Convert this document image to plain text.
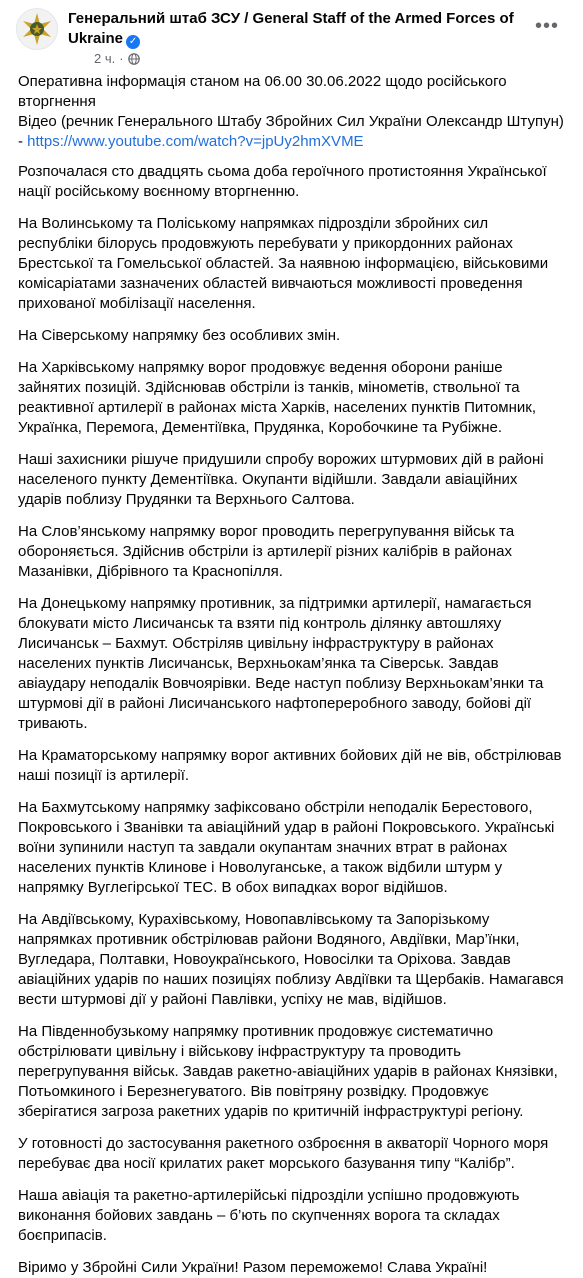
Генеральний штаб ЗСУ / General Staff of the Armed Forces of Ukraine ✓
2 ч. ·
•••

Оперативна інформація станом на 06.00 30.06.2022 щодо російського вторгнення
Відео (речник Генерального Штабу Збройних Сил України Олександр Штупун) - https://www.youtube.com/watch?v=jpUy2hmXVME

Розпочалася сто двадцять сьома доба героїчного протистояння Української нації російському воєнному вторгненню.

На Волинському та Поліському напрямках підрозділи збройних сил республіки білорусь продовжують перебувати у прикордонних районах Брестської та Гомельської областей. За наявною інформацією, військовими комісаріатами зазначених областей вивчаються можливості проведення прихованої мобілізації населення.

На Сіверському напрямку без особливих змін.

На Харківському напрямку ворог продовжує ведення оборони раніше зайнятих позицій. Здійснював обстріли із танків, мінометів, ствольної та реактивної артилерії в районах міста Харків, населених пунктів Питомник, Українка, Перемога, Дементіївка, Прудянка, Коробочкине та Рубіжне.

Наші захисники рішуче придушили спробу ворожих штурмових дій в районі населеного пункту Дементіївка. Окупанти відійшли. Завдали авіаційних ударів поблизу Прудянки та Верхнього Салтова.

На Слов’янському напрямку ворог проводить перегрупування військ та обороняється. Здійснив обстріли із артилерії різних калібрів в районах Мазанівки, Дібрівного та Краснопілля.

На Донецькому напрямку противник, за підтримки артилерії, намагається блокувати місто Лисичанськ та взяти під контроль ділянку автошляху Лисичанськ – Бахмут. Обстріляв цивільну інфраструктуру в районах населених пунктів Лисичанськ, Верхньокам’янка та Сіверськ. Завдав авіаудару неподалік Вовчоярівки. Веде наступ поблизу Верхньокам’янки та штурмові дії в районі Лисичанського нафтопереробного заводу, бойові дії тривають.

На Краматорському напрямку ворог активних бойових дій не вів, обстрілював наші позиції із артилерії.

На Бахмутському напрямку зафіксовано обстріли неподалік Берестового, Покровського і Званівки та авіаційний удар в районі Покровського. Українські воїни зупинили наступ та завдали окупантам значних втрат в районах населених пунктів Клинове і Новолуганське, а також відбили штурм у напрямку Вуглегірської ТЕС. В обох випадках ворог відійшов.

На Авдіївському, Курахівському, Новопавлівському та Запорізькому напрямках противник обстрілював райони Водяного, Авдіївки, Мар’їнки, Вугледара, Полтавки, Новоукраїнського, Новосілки та Оріхова. Завдав авіаційних ударів по наших позиціях поблизу Авдіївки та Щербаків. Намагався вести штурмові дії у районі Павлівки, успіху не мав, відійшов.

На Південнобузькому напрямку противник продовжує систематично обстрілювати цивільну і військову інфраструктуру та проводить перегрупування військ. Завдав ракетно-авіаційних ударів в районах Князівки, Потьомкиного і Березнегуватого. Вів повітряну розвідку. Продовжує зберігатися загроза ракетних ударів по критичній інфраструктурі регіону.

У готовності до застосування ракетного озброєння в акваторії Чорного моря перебуває два носії крилатих ракет морського базування типу “Калібр”.

Наша авіація та ракетно-артилерійські підрозділи успішно продовжують виконання бойових завдань – б’ють по скупченнях ворога та складах боєприпасів.

Віримо у Збройні Сили України! Разом переможемо! Слава Україні!
